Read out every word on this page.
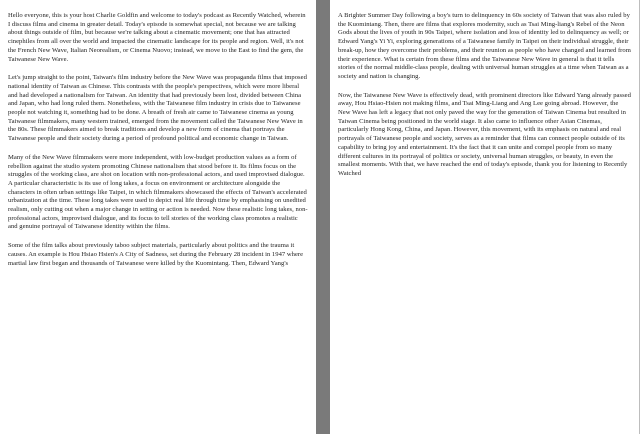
Hello everyone, this is your host Charlie Goldfin and welcome to today's podcast as Recently Watched, wherein I discuss films and cinema in greater detail. Today's episode is somewhat special, not because we are talking about things outside of film, but because we're talking about a cinematic movement; one that has attracted cinephiles from all over the world and impacted the cinematic landscape for its people and region. Well, it's not the French New Wave, Italian Neorealism, or Cinema Nuovo; instead, we move to the East to find the gem, the Taiwanese New Wave.

Let's jump straight to the point, Taiwan's film industry before the New Wave was propaganda films that imposed national identity of Taiwan as Chinese. This contrasts with the people's perspectives, which were more liberal and had developed a nationalism for Taiwan. An identity that had previously been lost, divided between China and Japan, who had long ruled them. Nonetheless, with the Taiwanese film industry in crisis due to Taiwanese people not watching it, something had to be done. A breath of fresh air came to Taiwanese cinema as young Taiwanese filmmakers, many western trained, emerged from the movement called the Taiwanese New Wave in the 80s. These filmmakers aimed to break traditions and develop a new form of cinema that portrays the Taiwanese people and their society during a period of profound political and economic change in Taiwan.

Many of the New Wave filmmakers were more independent, with low-budget production values as a form of rebellion against the studio system promoting Chinese nationalism that stood before it. Its films focus on the struggles of the working class, are shot on location with non-professional actors, and used improvised dialogue. A particular characteristic is its use of long takes, a focus on environment or architecture alongside the characters in often urban settings like Taipei, in which filmmakers showcased the effects of Taiwan's accelerated urbanization at the time. These long takes were used to depict real life through time by emphasising on unedited realism, only cutting out when a major change in setting or action is needed. Now these realistic long takes, non-professional actors, improvised dialogue, and its focus to tell stories of the working class promotes a realistic and genuine portrayal of Taiwanese identity within the films.

Some of the film talks about previously taboo subject materials, particularly about politics and the trauma it causes. An example is Hou Hsiao Hsien's A City of Sadness, set during the February 28 incident in 1947 where martial law first began and thousands of Taiwanese were killed by the Kuomintang. Then, Edward Yang's

A Brighter Summer Day following a boy's turn to delinquency in 60s society of Taiwan that was also ruled by the Kuomintang. Then, there are films that explores modernity, such as Tsai Ming-liang's Rebel of the Neon Gods about the lives of youth in 90s Taipei, where isolation and loss of identity led to delinquency as well; or Edward Yang's Yi Yi, exploring generations of a Taiwanese family in Taipei on their individual struggle, their break-up, how they overcome their problems, and their reunion as people who have changed and learned from their experience. What is certain from these films and the Taiwanese New Wave in general is that it tells stories of the normal middle-class people, dealing with universal human struggles at a time when Taiwan as a society and nation is changing.

Now, the Taiwanese New Wave is effectively dead, with prominent directors like Edward Yang already passed away, Hou Hsiao-Hsien not making films, and Tsai Ming-Liang and Ang Lee going abroad. However, the New Wave has left a legacy that not only paved the way for the generation of Taiwan Cinema but resulted in Taiwan Cinema being positioned in the world stage. It also came to influence other Asian Cinemas, particularly Hong Kong, China, and Japan. However, this movement, with its emphasis on natural and real portrayals of Taiwanese people and society, serves as a reminder that films can connect people outside of its capability to bring joy and entertainment. It's the fact that it can unite and compel people from so many different cultures in its portrayal of politics or society, universal human struggles, or beauty, in even the smallest moments. With that, we have reached the end of today's episode, thank you for listening to Recently Watched
